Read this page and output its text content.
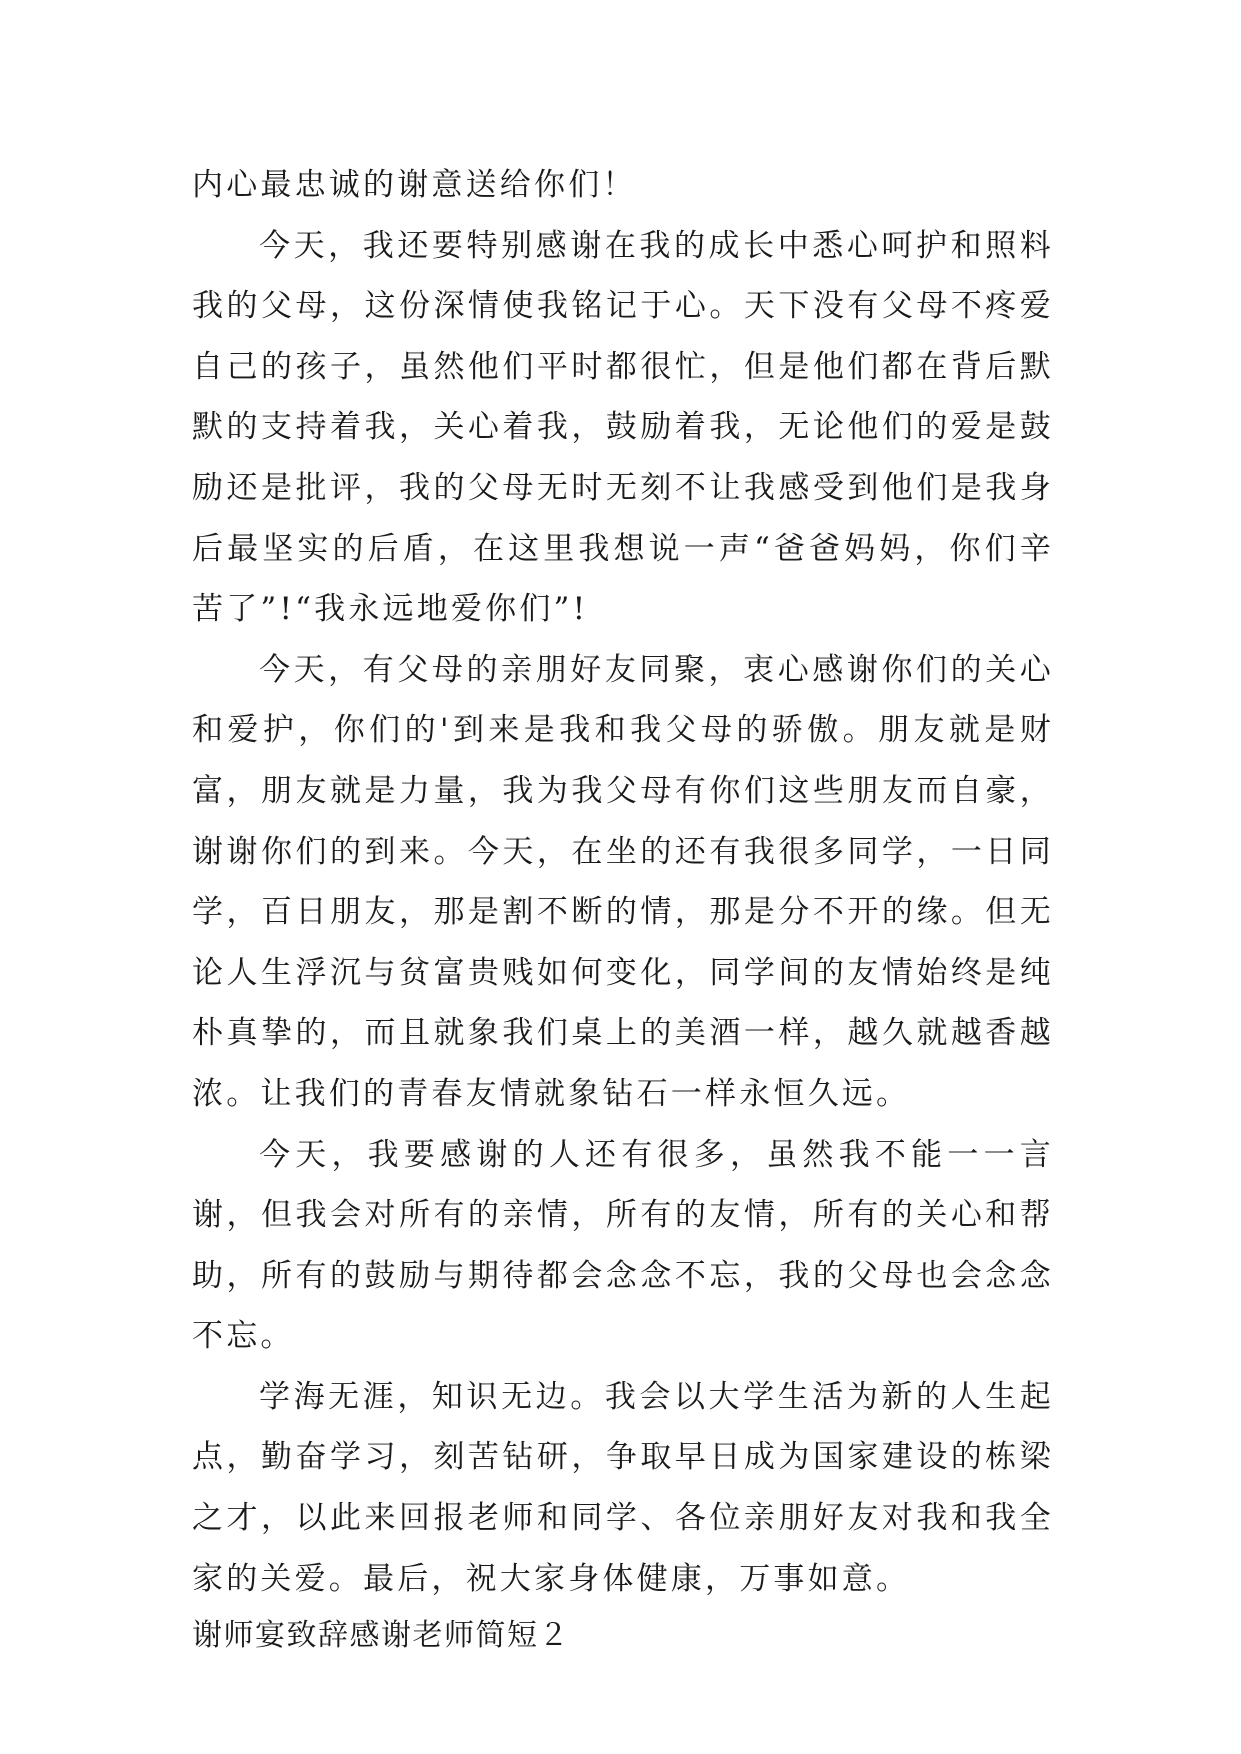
内心最忠诚的谢意送给你们！

今天，我还要特别感谢在我的成长中悉心呵护和照料我的父母，这份深情使我铭记于心。天下没有父母不疼爱自己的孩子，虽然他们平时都很忙，但是他们都在背后默默的支持着我，关心着我，鼓励着我，无论他们的爱是鼓励还是批评，我的父母无时无刻不让我感受到他们是我身后最坚实的后盾，在这里我想说一声“爸爸妈妈，你们辛苦了”!“我永远地爱你们”!

今天，有父母的亲朋好友同聚，衷心感谢你们的关心和爱护，你们的'到来是我和我父母的骄傲。朋友就是财富，朋友就是力量，我为我父母有你们这些朋友而自豪，谢谢你们的到来。今天，在坐的还有我很多同学，一日同学，百日朋友，那是割不断的情，那是分不开的缘。但无论人生浮沉与贫富贵贱如何变化，同学间的友情始终是纯朴真挚的，而且就象我们桌上的美酒一样，越久就越香越浓。让我们的青春友情就象钻石一样永恒久远。

今天，我要感谢的人还有很多，虽然我不能一一言谢，但我会对所有的亲情，所有的友情，所有的关心和帮助，所有的鼓励与期待都会念念不忘，我的父母也会念念不忘。

学海无涯，知识无边。我会以大学生活为新的人生起点，勤奋学习，刻苦钻研，争取早日成为国家建设的栋梁之才，以此来回报老师和同学、各位亲朋好友对我和我全家的关爱。最后，祝大家身体健康，万事如意。

谢师宴致辞感谢老师简短２
